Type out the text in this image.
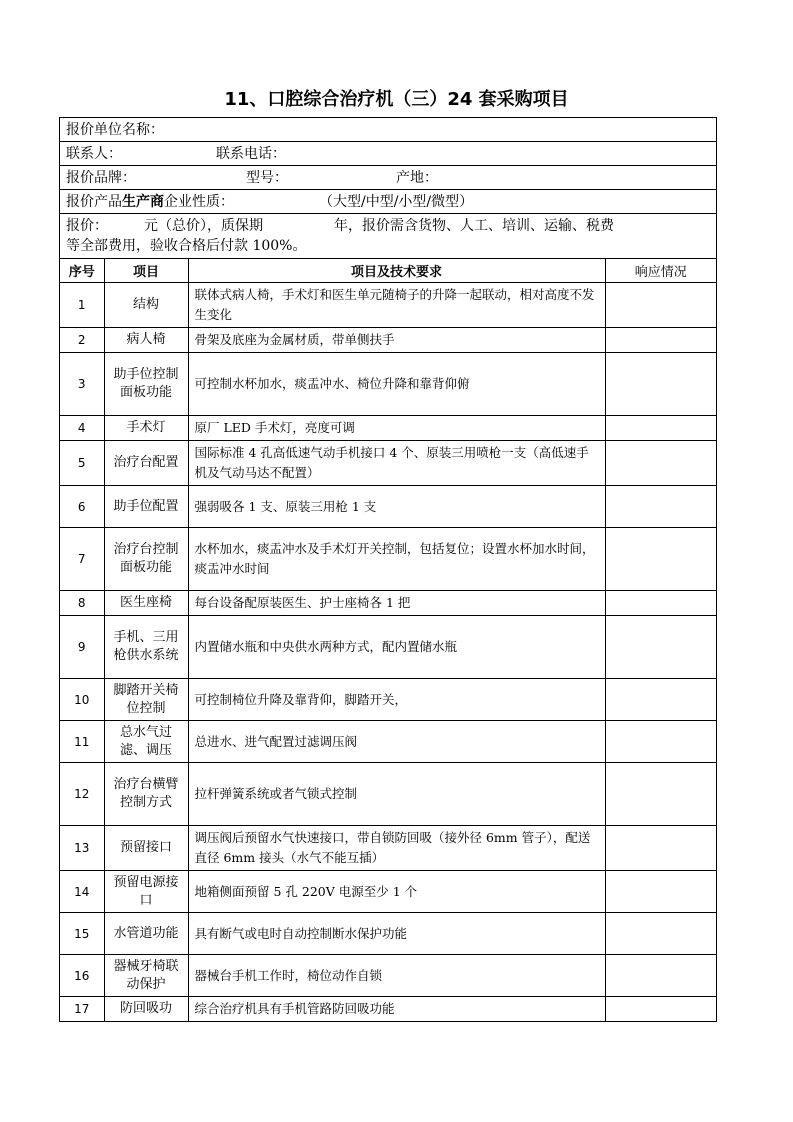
11、口腔综合治疗机（三）24 套采购项目
报价单位名称：
联系人：	联系电话：
报价品牌：	型号：	产地：
报价产品生产商企业性质：	（大型/中型/小型/微型）
报价：	元（总价），质保期	年，报价需含货物、人工、培训、运输、税费
等全部费用，验收合格后付款 100%。
序号	项目	项目及技术要求	响应情况
1	结构	联体式病人椅，手术灯和医生单元随椅子的升降一起联动，相对高度不发生变化	
2	病人椅	骨架及底座为金属材质，带单侧扶手	
3	助手位控制面板功能	可控制水杯加水，痰盂冲水、椅位升降和靠背仰俯	
4	手术灯	原厂 LED 手术灯，亮度可调	
5	治疗台配置	国际标准 4 孔高低速气动手机接口 4 个、原装三用喷枪一支（高低速手机及气动马达不配置）	
6	助手位配置	强弱吸各 1 支、原装三用枪 1 支	
7	治疗台控制面板功能	水杯加水，痰盂冲水及手术灯开关控制，包括复位；设置水杯加水时间，痰盂冲水时间	
8	医生座椅	每台设备配原装医生、护士座椅各 1 把	
9	手机、三用枪供水系统	内置储水瓶和中央供水两种方式，配内置储水瓶	
10	脚踏开关椅位控制	可控制椅位升降及靠背仰，脚踏开关，	
11	总水气过滤、调压	总进水、进气配置过滤调压阀	
12	治疗台横臂控制方式	拉杆弹簧系统或者气锁式控制	
13	预留接口	调压阀后预留水气快速接口，带自锁防回吸（接外径 6mm 管子），配送直径 6mm 接头（水气不能互插）	
14	预留电源接口	地箱侧面预留 5 孔 220V 电源至少 1 个	
15	水管道功能	具有断气或电时自动控制断水保护功能	
16	器械牙椅联动保护	器械台手机工作时，椅位动作自锁	
17	防回吸功	综合治疗机具有手机管路防回吸功能	
